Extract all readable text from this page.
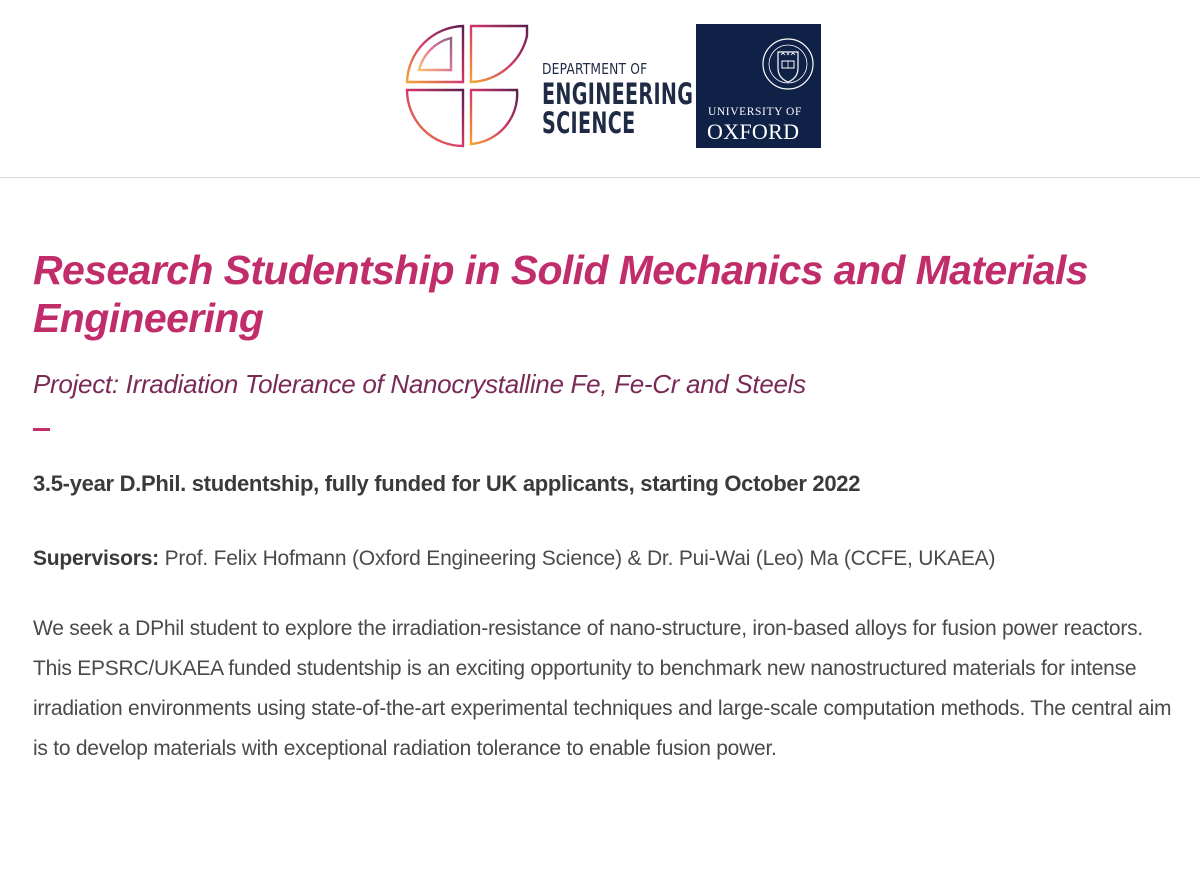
DEPARTMENT OF
ENGINEERING
SCIENCE	UNIVERSITY OF
OXFORD
Research Studentship in Solid Mechanics and Materials Engineering

Project: Irradiation Tolerance of Nanocrystalline Fe, Fe-Cr and Steels

3.5-year D.Phil. studentship, fully funded for UK applicants, starting October 2022

Supervisors: Prof. Felix Hofmann (Oxford Engineering Science) & Dr. Pui-Wai (Leo) Ma (CCFE, UKAEA)

We seek a DPhil student to explore the irradiation-resistance of nano-structure, iron-based alloys for fusion power reactors. This EPSRC/UKAEA funded studentship is an exciting opportunity to benchmark new nanostructured materials for intense irradiation environments using state-of-the-art experimental techniques and large-scale computation methods. The central aim is to develop materials with exceptional radiation tolerance to enable fusion power.
